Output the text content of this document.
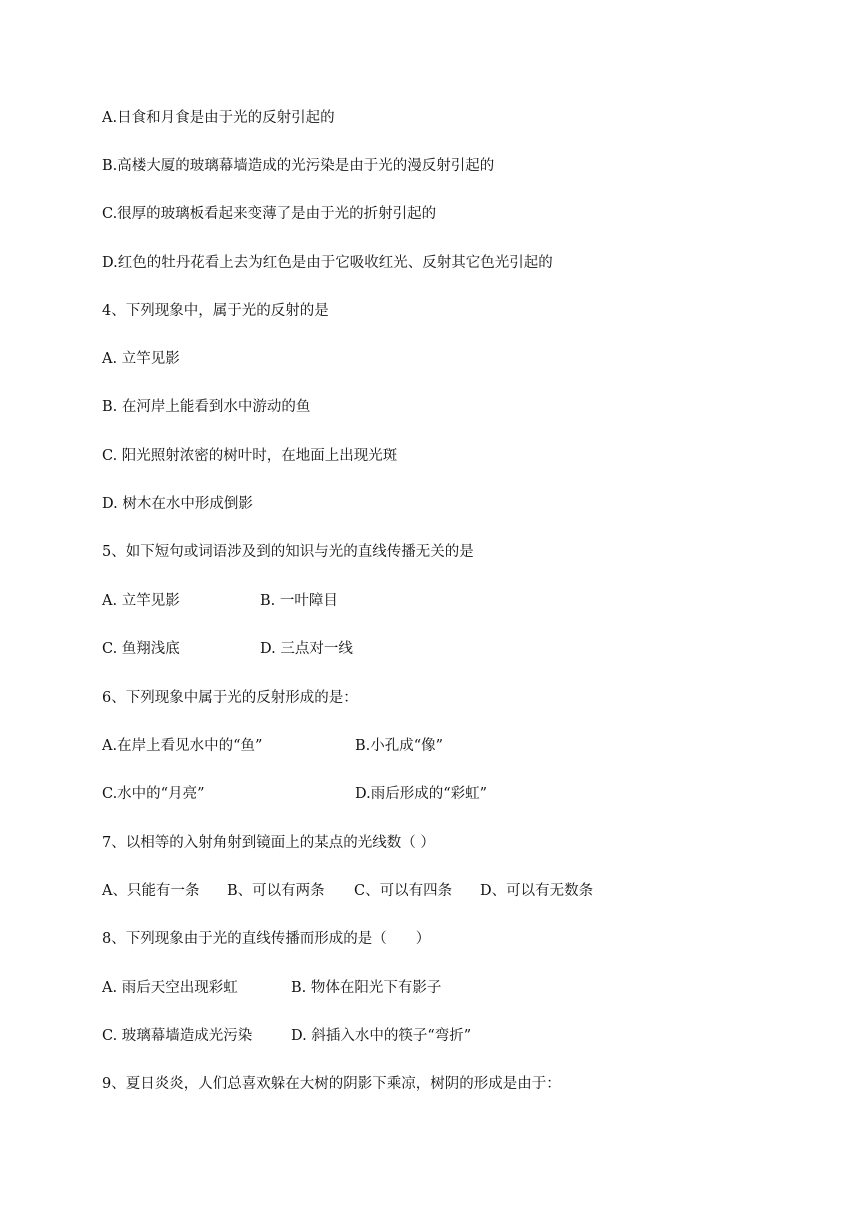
A.日食和月食是由于光的反射引起的
B.高楼大厦的玻璃幕墙造成的光污染是由于光的漫反射引起的
C.很厚的玻璃板看起来变薄了是由于光的折射引起的
D.红色的牡丹花看上去为红色是由于它吸收红光、反射其它色光引起的
4、下列现象中，属于光的反射的是
A. 立竿见影
B. 在河岸上能看到水中游动的鱼
C. 阳光照射浓密的树叶时，在地面上出现光斑
D. 树木在水中形成倒影
5、如下短句或词语涉及到的知识与光的直线传播无关的是
A. 立竿见影	B. 一叶障目
C. 鱼翔浅底	D. 三点对一线
6、下列现象中属于光的反射形成的是：
A.在岸上看见水中的“鱼”	B.小孔成“像”
C.水中的“月亮”	D.雨后形成的“彩虹”
7、以相等的入射角射到镜面上的某点的光线数（ ）
A、只能有一条 B、可以有两条 C、可以有四条 D、可以有无数条
8、下列现象由于光的直线传播而形成的是（　　）
A. 雨后天空出现彩虹	B. 物体在阳光下有影子
C. 玻璃幕墙造成光污染	D. 斜插入水中的筷子“弯折”
9、夏日炎炎，人们总喜欢躲在大树的阴影下乘凉，树阴的形成是由于：
